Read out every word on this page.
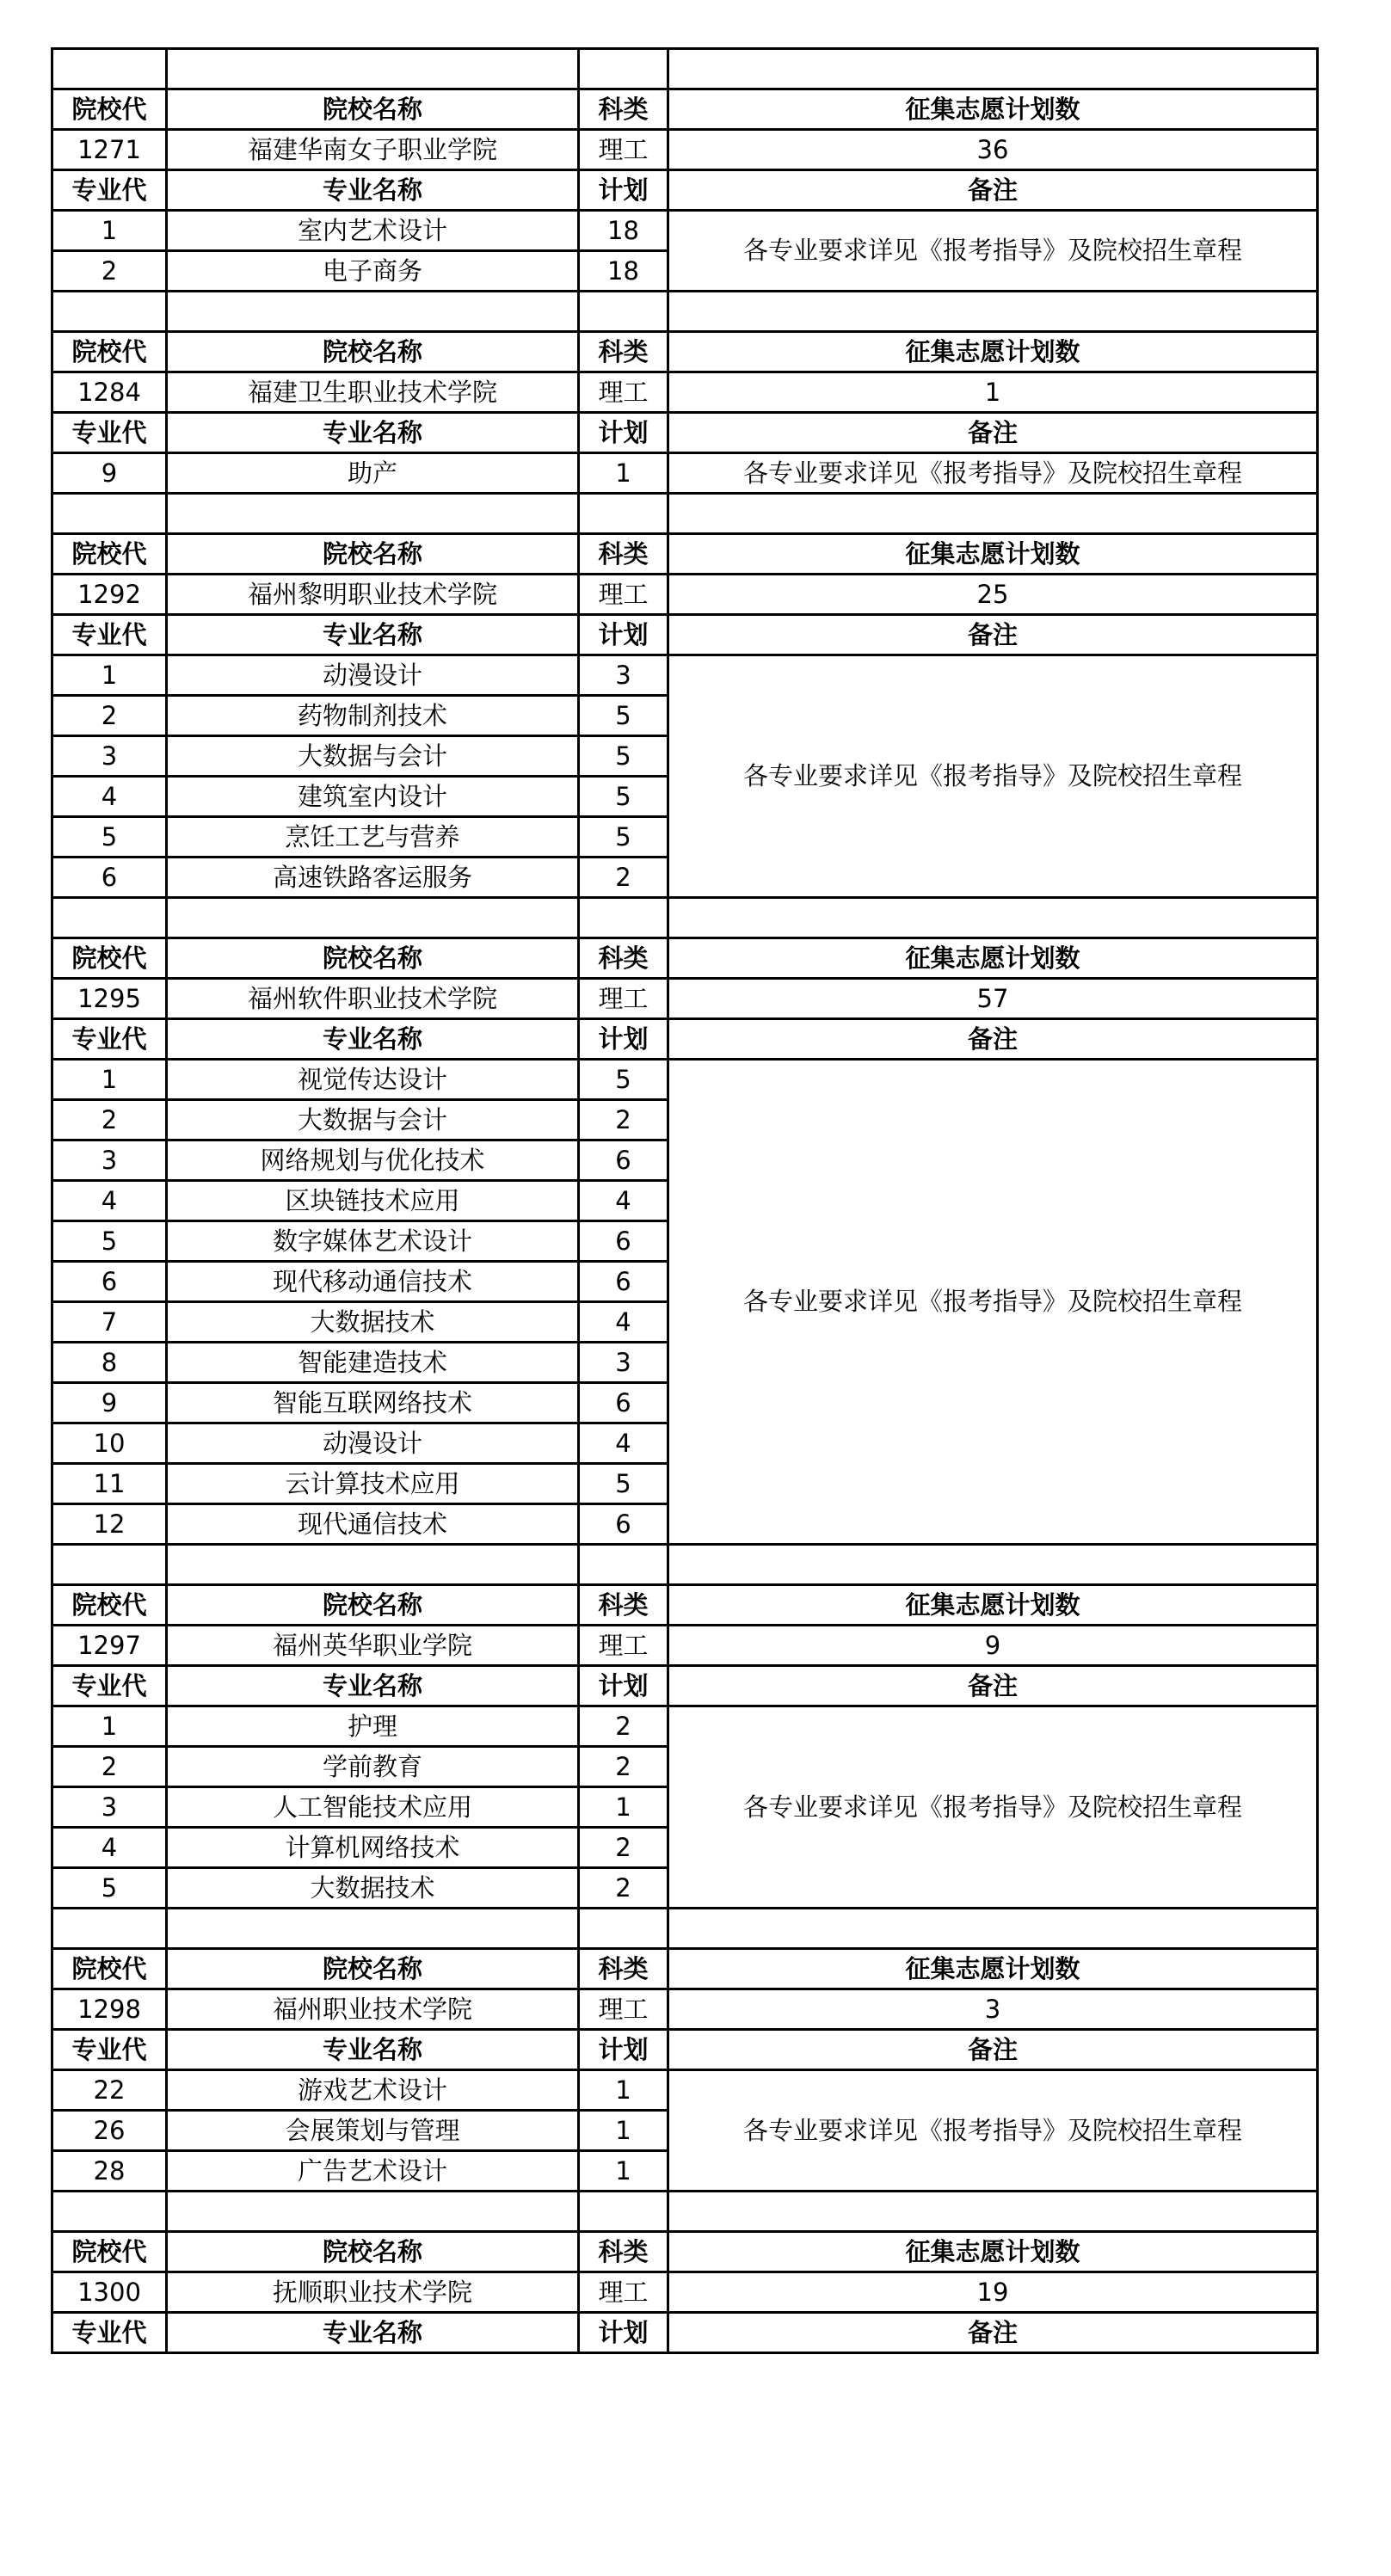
院校代	院校名称	科类	征集志愿计划数
1271	福建华南女子职业学院	理工	36
专业代	专业名称	计划	备注
1	室内艺术设计	18	各专业要求详见《报考指导》及院校招生章程
2	电子商务	18	

院校代	院校名称	科类	征集志愿计划数
1284	福建卫生职业技术学院	理工	1
专业代	专业名称	计划	备注
9	助产	1	各专业要求详见《报考指导》及院校招生章程

院校代	院校名称	科类	征集志愿计划数
1292	福州黎明职业技术学院	理工	25
专业代	专业名称	计划	备注
1	动漫设计	3	各专业要求详见《报考指导》及院校招生章程
2	药物制剂技术	5	
3	大数据与会计	5	
4	建筑室内设计	5	
5	烹饪工艺与营养	5	
6	高速铁路客运服务	2	

院校代	院校名称	科类	征集志愿计划数
1295	福州软件职业技术学院	理工	57
专业代	专业名称	计划	备注
1	视觉传达设计	5	各专业要求详见《报考指导》及院校招生章程
2	大数据与会计	2	
3	网络规划与优化技术	6	
4	区块链技术应用	4	
5	数字媒体艺术设计	6	
6	现代移动通信技术	6	
7	大数据技术	4	
8	智能建造技术	3	
9	智能互联网络技术	6	
10	动漫设计	4	
11	云计算技术应用	5	
12	现代通信技术	6	

院校代	院校名称	科类	征集志愿计划数
1297	福州英华职业学院	理工	9
专业代	专业名称	计划	备注
1	护理	2	各专业要求详见《报考指导》及院校招生章程
2	学前教育	2	
3	人工智能技术应用	1	
4	计算机网络技术	2	
5	大数据技术	2	

院校代	院校名称	科类	征集志愿计划数
1298	福州职业技术学院	理工	3
专业代	专业名称	计划	备注
22	游戏艺术设计	1	各专业要求详见《报考指导》及院校招生章程
26	会展策划与管理	1	
28	广告艺术设计	1	

院校代	院校名称	科类	征集志愿计划数
1300	抚顺职业技术学院	理工	19
专业代	专业名称	计划	备注
